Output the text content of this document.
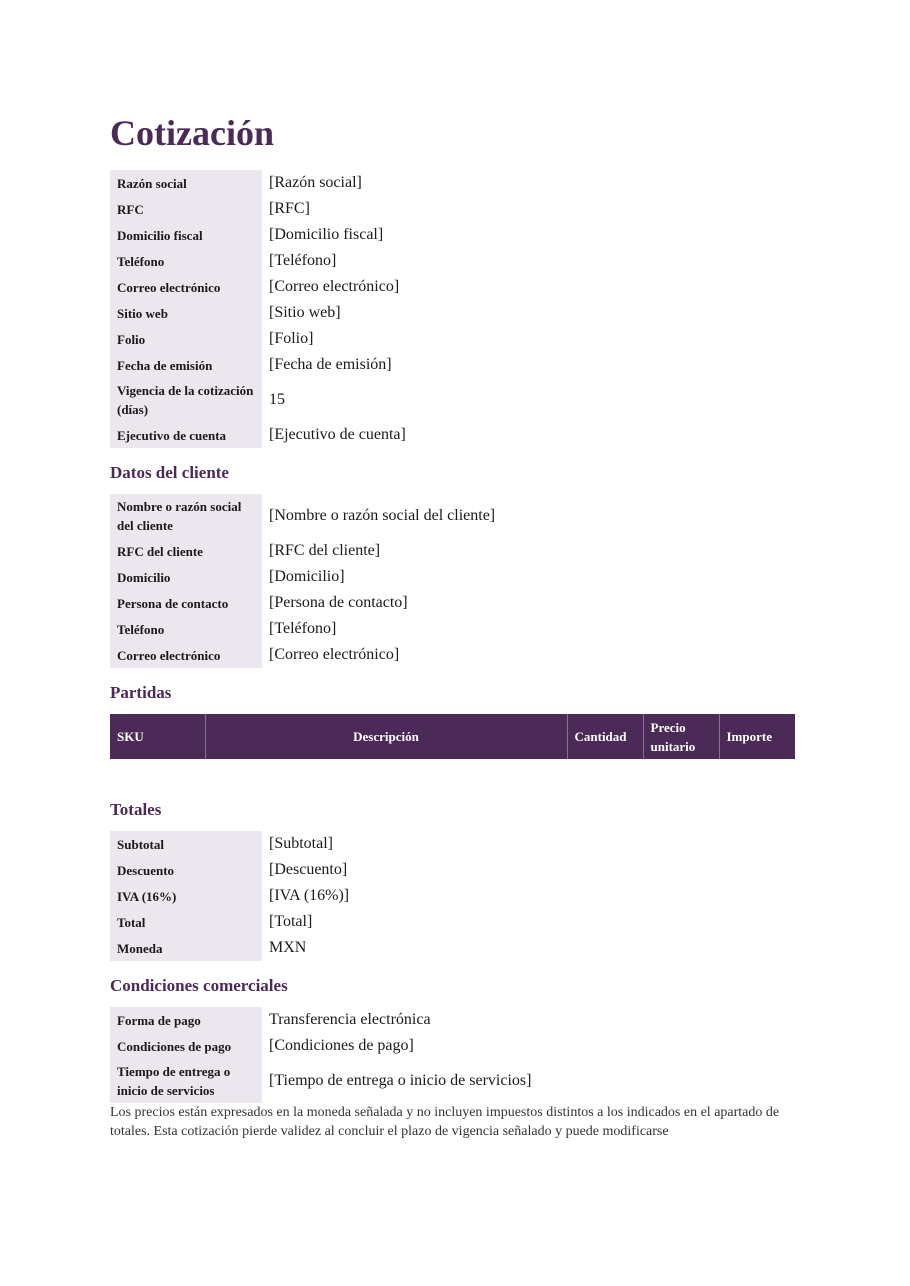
Cotización
Razón social	[Razón social]
RFC	[RFC]
Domicilio fiscal	[Domicilio fiscal]
Teléfono	[Teléfono]
Correo electrónico	[Correo electrónico]
Sitio web	[Sitio web]
Folio	[Folio]
Fecha de emisión	[Fecha de emisión]
Vigencia de la cotización (días)	15
Ejecutivo de cuenta	[Ejecutivo de cuenta]
Datos del cliente
Nombre o razón social del cliente	[Nombre o razón social del cliente]
RFC del cliente	[RFC del cliente]
Domicilio	[Domicilio]
Persona de contacto	[Persona de contacto]
Teléfono	[Teléfono]
Correo electrónico	[Correo electrónico]
Partidas
SKU	Descripción	Cantidad	Precio unitario	Importe
Totales
Subtotal	[Subtotal]
Descuento	[Descuento]
IVA (16%)	[IVA (16%)]
Total	[Total]
Moneda	MXN
Condiciones comerciales
Forma de pago	Transferencia electrónica
Condiciones de pago	[Condiciones de pago]
Tiempo de entrega o inicio de servicios	[Tiempo de entrega o inicio de servicios]

Los precios están expresados en la moneda señalada y no incluyen impuestos distintos a los indicados en el apartado de totales. Esta cotización pierde validez al concluir el plazo de vigencia señalado y puede modificarse
